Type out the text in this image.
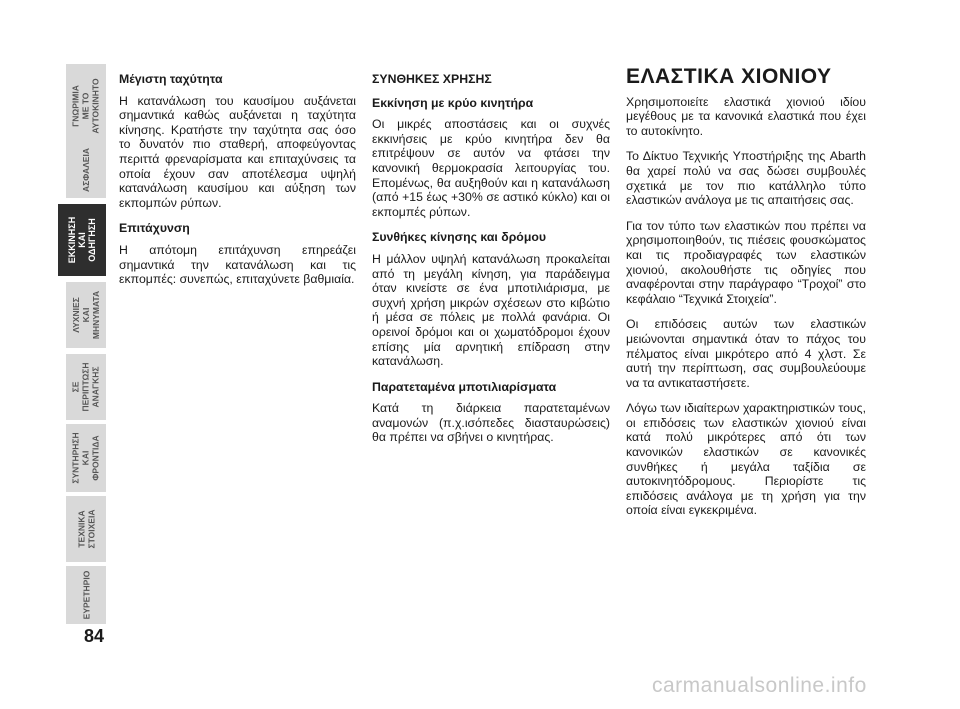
ΓΝΩΡΙΜΙΑ ΜΕ ΤΟ ΑΥΤΟΚΙΝΗΤΟ
ΑΣΦΑΛΕΙΑ
ΕΚΚΙΝΗΣΗ ΚΑΙ ΟΔΗΓΗΣΗ
ΛΥΧΝΙΕΣ ΚΑΙ ΜΗΝΥΜΑΤΑ
ΣΕ ΠΕΡΙΠΤΩΣΗ ΑΝΑΓΚΗΣ
ΣΥΝΤΗΡΗΣΗ ΚΑΙ ΦΡΟΝΤΙΔΑ
ΤΕΧΝΙΚΑ ΣΤΟΙΧΕΙΑ
ΕΥΡΕΤΗΡΙΟ
84
Μέγιστη ταχύτητα

Η κατανάλωση του καυσίμου αυξάνεται σημαντικά καθώς αυξάνεται η ταχύτητα κίνησης. Κρατήστε την ταχύτητα σας όσο το δυνατόν πιο σταθερή, αποφεύγοντας περιττά φρεναρίσματα και επιταχύνσεις τα οποία έχουν σαν αποτέλεσμα υψηλή κατανάλωση καυσίμου και αύξηση των εκπομπών ρύπων.

Επιτάχυνση

Η απότομη επιτάχυνση επηρεάζει σημαντικά την κατανάλωση και τις εκπομπές: συνεπώς, επιταχύνετε βαθμιαία.

ΣΥΝΘΗΚΕΣ ΧΡΗΣΗΣ
Εκκίνηση με κρύο κινητήρα

Οι μικρές αποστάσεις και οι συχνές εκκινήσεις με κρύο κινητήρα δεν θα επιτρέψουν σε αυτόν να φτάσει την κανονική θερμοκρασία λειτουργίας του. Επομένως, θα αυξηθούν και η κατανάλωση (από +15 έως +30% σε αστικό κύκλο) και οι εκπομπές ρύπων.

Συνθήκες κίνησης και δρόμου

Η μάλλον υψηλή κατανάλωση προκαλείται από τη μεγάλη κίνηση, για παράδειγμα όταν κινείστε σε ένα μποτιλιάρισμα, με συχνή χρήση μικρών σχέσεων στο κιβώτιο ή μέσα σε πόλεις με πολλά φανάρια. Οι ορεινοί δρόμοι και οι χωματόδρομοι έχουν επίσης μία αρνητική επίδραση στην κατανάλωση.

Παρατεταμένα μποτιλιαρίσματα

Κατά τη διάρκεια παρατεταμένων αναμονών (π.χ.ισόπεδες διασταυρώσεις) θα πρέπει να σβήνει ο κινητήρας.

ΕΛΑΣΤΙΚΑ ΧΙΟΝΙΟΥ

Χρησιμοποιείτε ελαστικά χιονιού ιδίου μεγέθους με τα κανονικά ελαστικά που έχει το αυτοκίνητο.

Το Δίκτυο Τεχνικής Υποστήριξης της Abarth θα χαρεί πολύ να σας δώσει συμβουλές σχετικά με τον πιο κατάλληλο τύπο ελαστικών ανάλογα με τις απαιτήσεις σας.

Για τον τύπο των ελαστικών που πρέπει να χρησιμοποιηθούν, τις πιέσεις φουσκώματος και τις προδιαγραφές των ελαστικών χιονιού, ακολουθήστε τις οδηγίες που αναφέρονται στην παράγραφο “Τροχοί” στο κεφάλαιο “Τεχνικά Στοιχεία”.

Οι επιδόσεις αυτών των ελαστικών μειώνονται σημαντικά όταν το πάχος του πέλματος είναι μικρότερο από 4 χλστ. Σε αυτή την περίπτωση, σας συμβουλεύουμε να τα αντικαταστήσετε.

Λόγω των ιδιαίτερων χαρακτηριστικών τους, οι επιδόσεις των ελαστικών χιονιού είναι κατά πολύ μικρότερες από ότι των κανονικών ελαστικών σε κανονικές συνθήκες ή μεγάλα ταξίδια σε αυτοκινητόδρομους. Περιορίστε τις επιδόσεις ανάλογα με τη χρήση για την οποία είναι εγκεκριμένα.

carmanualsonline.info
